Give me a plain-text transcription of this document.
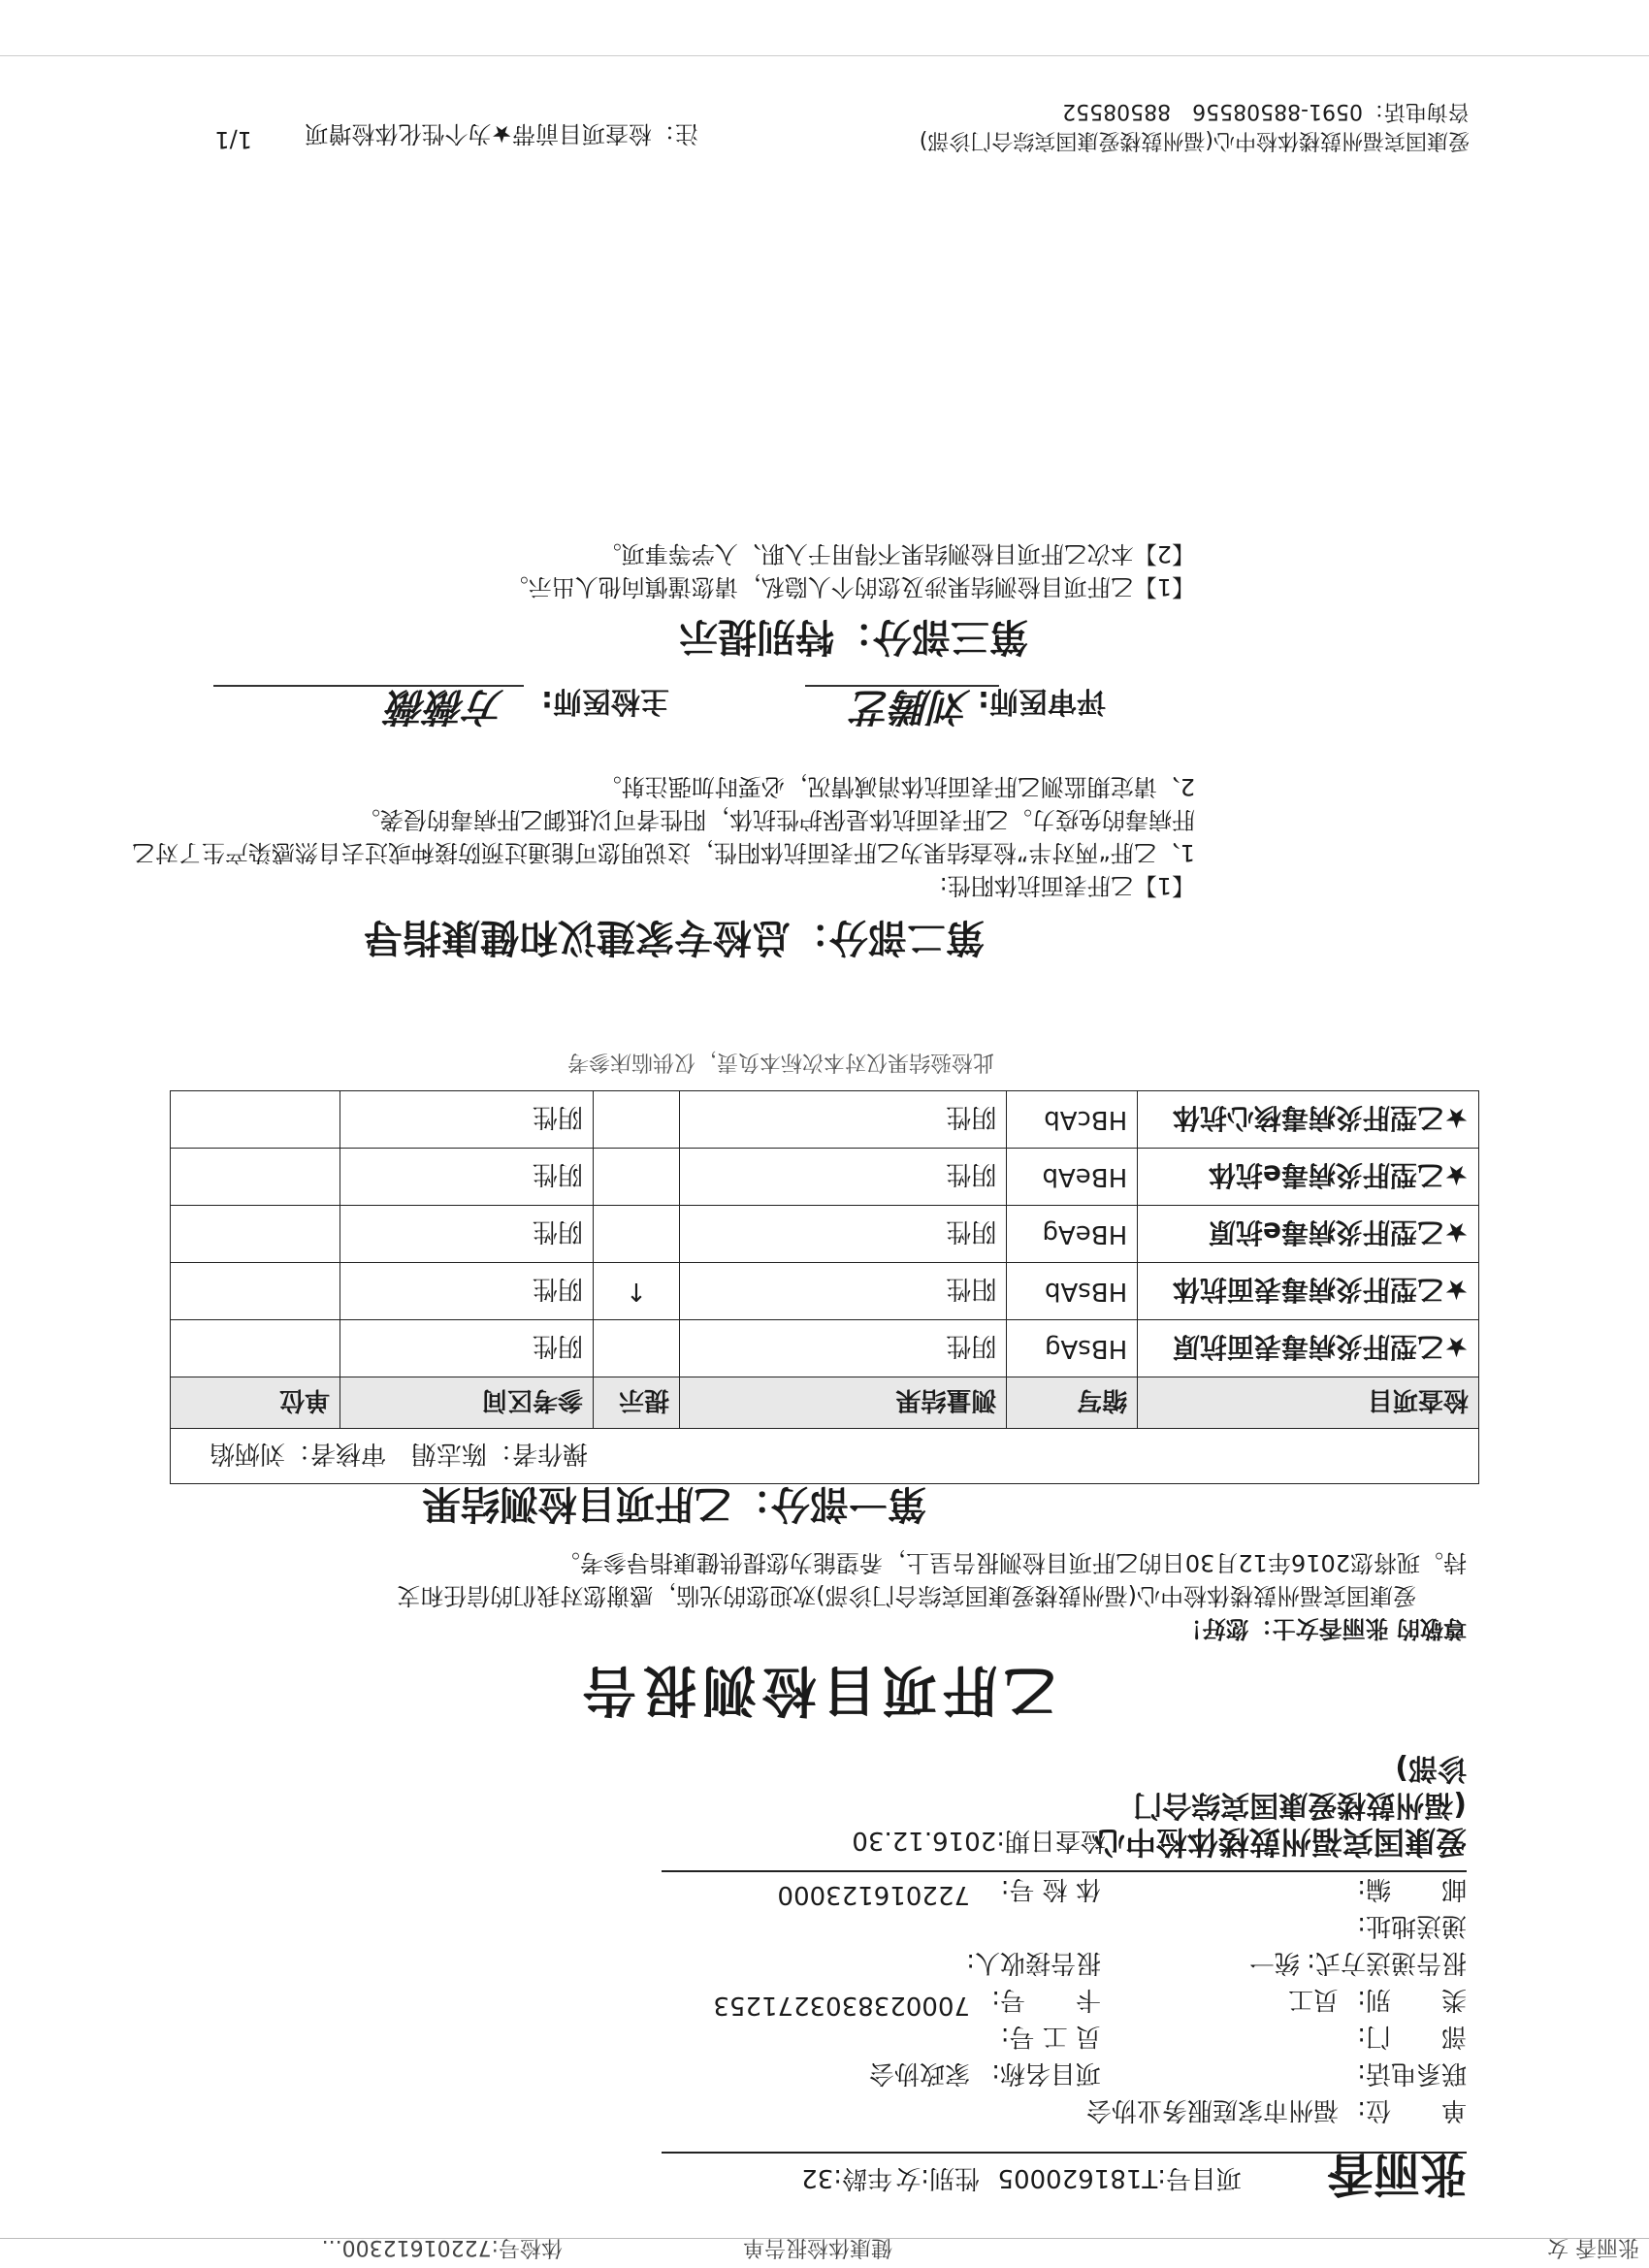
张丽香 女
健康体检报告单
体检号:72201612300...
张丽香
项目号:T181620005
性别:女
年龄:32
单　　位:
福州市家庭服务业协会
联系电话:
项目名称:
家政协会
部　　门:
员 工 号:
类　　别:
员工
卡　　号:
7000238303271253
报告递送方式:
统一
报告接收人:
递送地址:
邮　　编:
体 检 号:
722016123000
爱康国宾福州鼓楼体检中心
检查日期:2016.12.30
(福州鼓楼爱康国宾综合门
诊部)
乙肝项目检测报告
尊敬的 张丽香女士：您好！
爱康国宾福州鼓楼体检中心(福州鼓楼爱康国宾综合门诊部)欢迎您的光临，感谢您对我们的信任和支
持。现将您2016年12月30日的乙肝项目检测报告呈上，希望能为您提供健康指导参考。
第一部分：乙肝项目检测结果
操作者：陈志娟　审核者：刘炳焰					
检查项目	缩写	测量结果	提示	参考区间	单位
★乙型肝炎病毒表面抗原	HBsAg	阴性		阴性	
★乙型肝炎病毒表面抗体	HBsAb	阳性	↑	阴性	
★乙型肝炎病毒e抗原	HBeAg	阴性		阴性	
★乙型肝炎病毒e抗体	HBeAb	阴性		阴性	
★乙型肝炎病毒核心抗体	HBcAb	阴性		阴性	
此检验结果仅对本次标本负责，仅供临床参考
第二部分：总检专家建议和健康指导
【1】乙肝表面抗体阳性:
1、乙肝“两对半”检查结果为乙肝表面抗体阳性，这说明您可能通过预防接种或过去自然感染产生了对乙
肝病毒的免疫力。乙肝表面抗体是保护性抗体，阳性者可以抵御乙肝病毒的侵袭。
2、请定期监测乙肝表面抗体消减情况，必要时加强注射。
评审医师:
刘腾艺
主检医师:
方薇薇
第三部分：特别提示
【1】乙肝项目检测结果涉及您的个人隐私，请您谨慎向他人出示。
【2】本次乙肝项目检测结果不得用于入职、入学等事项。
注：检查项目前带★为个性化体检增项
1/1	爱康国宾福州鼓楼体检中心(福州鼓楼爱康国宾综合门诊部)
咨询电话：0591-88508556　88508552
